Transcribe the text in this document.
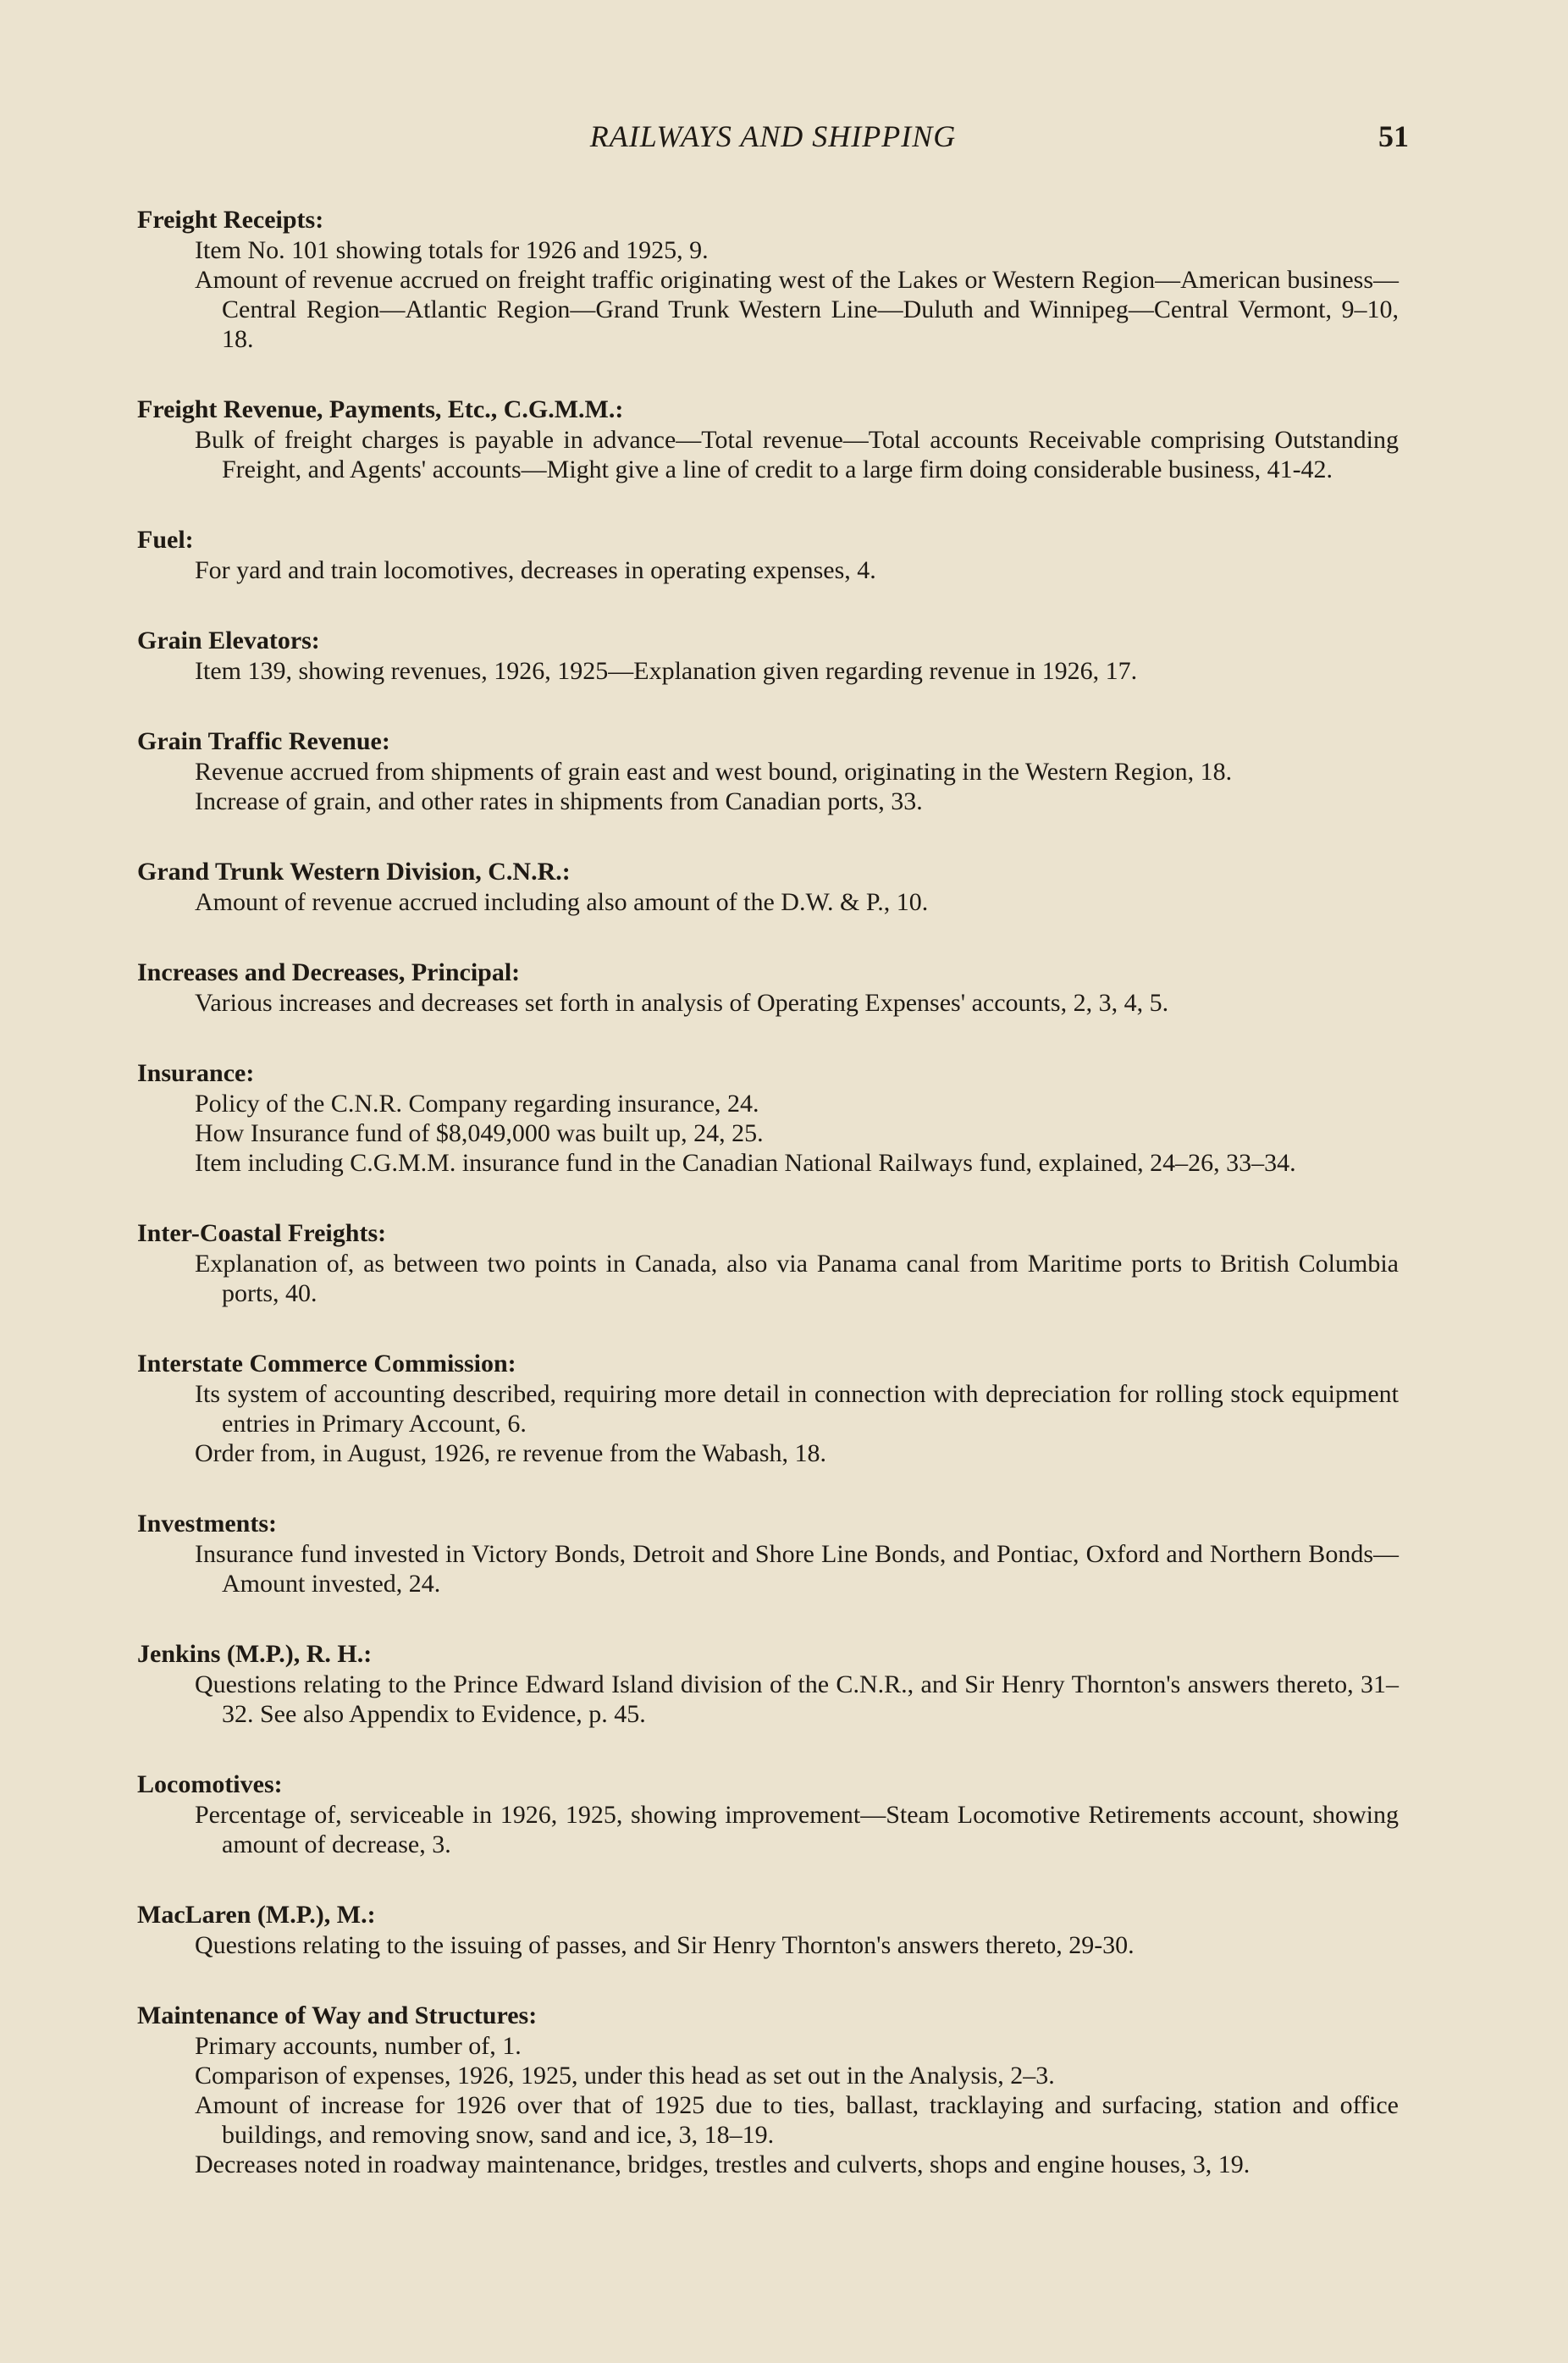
RAILWAYS AND SHIPPING	51
Freight Receipts:
Item No. 101 showing totals for 1926 and 1925, 9.
Amount of revenue accrued on freight traffic originating west of the Lakes or Western Region—American business—Central Region—Atlantic Region—Grand Trunk Western Line—Duluth and Winnipeg—Central Vermont, 9–10, 18.
Freight Revenue, Payments, Etc., C.G.M.M.:
Bulk of freight charges is payable in advance—Total revenue—Total accounts Receivable comprising Outstanding Freight, and Agents' accounts—Might give a line of credit to a large firm doing considerable business, 41-42.
Fuel:
For yard and train locomotives, decreases in operating expenses, 4.
Grain Elevators:
Item 139, showing revenues, 1926, 1925—Explanation given regarding revenue in 1926, 17.
Grain Traffic Revenue:
Revenue accrued from shipments of grain east and west bound, originating in the Western Region, 18.
Increase of grain, and other rates in shipments from Canadian ports, 33.
Grand Trunk Western Division, C.N.R.:
Amount of revenue accrued including also amount of the D.W. & P., 10.
Increases and Decreases, Principal:
Various increases and decreases set forth in analysis of Operating Expenses' accounts, 2, 3, 4, 5.
Insurance:
Policy of the C.N.R. Company regarding insurance, 24.
How Insurance fund of $8,049,000 was built up, 24, 25.
Item including C.G.M.M. insurance fund in the Canadian National Railways fund, explained, 24–26, 33–34.
Inter-Coastal Freights:
Explanation of, as between two points in Canada, also via Panama canal from Maritime ports to British Columbia ports, 40.
Interstate Commerce Commission:
Its system of accounting described, requiring more detail in connection with depreciation for rolling stock equipment entries in Primary Account, 6.
Order from, in August, 1926, re revenue from the Wabash, 18.
Investments:
Insurance fund invested in Victory Bonds, Detroit and Shore Line Bonds, and Pontiac, Oxford and Northern Bonds—Amount invested, 24.
Jenkins (M.P.), R. H.:
Questions relating to the Prince Edward Island division of the C.N.R., and Sir Henry Thornton's answers thereto, 31–32. See also Appendix to Evidence, p. 45.
Locomotives:
Percentage of, serviceable in 1926, 1925, showing improvement—Steam Locomotive Retirements account, showing amount of decrease, 3.
MacLaren (M.P.), M.:
Questions relating to the issuing of passes, and Sir Henry Thornton's answers thereto, 29-30.
Maintenance of Way and Structures:
Primary accounts, number of, 1.
Comparison of expenses, 1926, 1925, under this head as set out in the Analysis, 2–3.
Amount of increase for 1926 over that of 1925 due to ties, ballast, tracklaying and surfacing, station and office buildings, and removing snow, sand and ice, 3, 18–19.
Decreases noted in roadway maintenance, bridges, trestles and culverts, shops and engine houses, 3, 19.
